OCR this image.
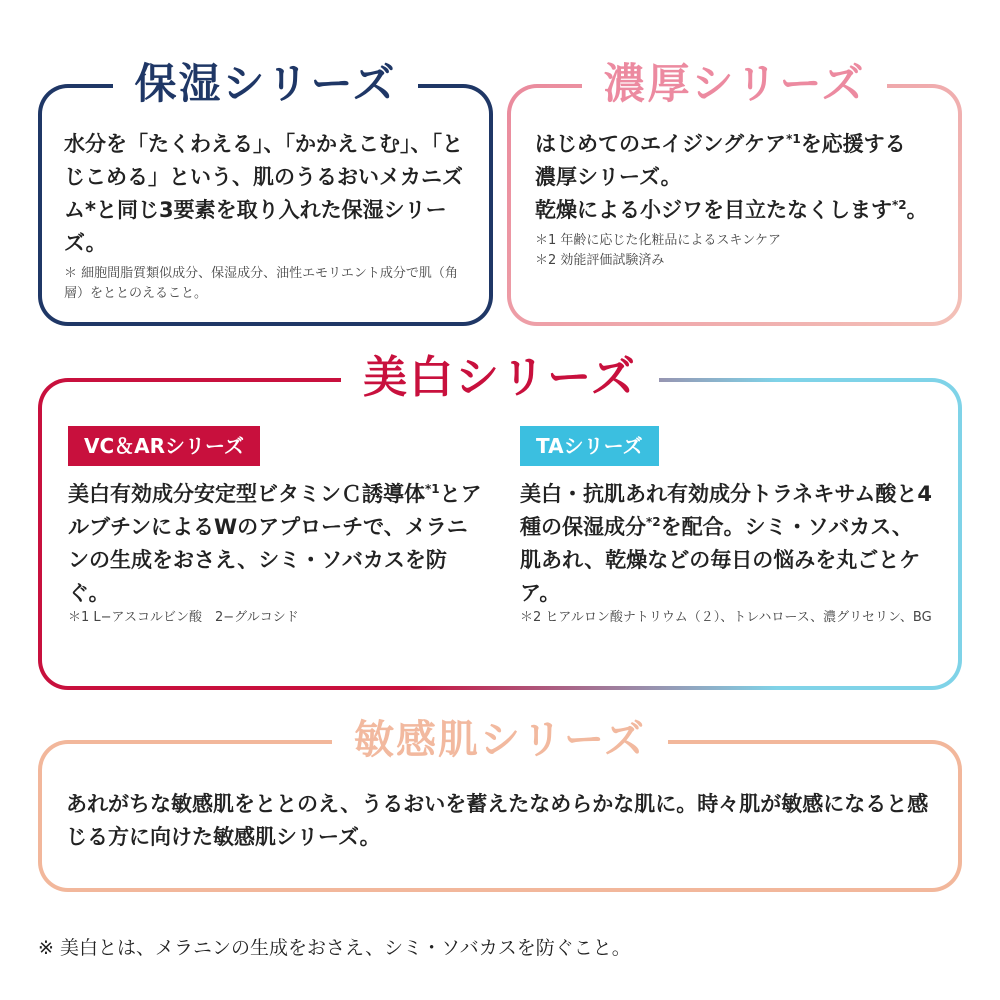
保湿シリーズ

水分を「たくわえる」、「かかえこむ」、「とじこめる」という、肌のうるおいメカニズム*と同じ3要素を取り入れた保湿シリーズ。

＊ 細胞間脂質類似成分、保湿成分、油性エモリエント成分で肌（角層）をととのえること。

濃厚シリーズ

はじめてのエイジングケア$^{*1}$を応援する
濃厚シリーズ。
乾燥による小ジワを目立たなくします$^{*2}$。

＊1 年齢に応じた化粧品によるスキンケア
＊2 効能評価試験済み

美白シリーズ
VC＆ARシリーズ

美白有効成分安定型ビタミンＣ誘導体$^{*1}$とアルブチンによるWのアプローチで、メラニンの生成をおさえ、シミ・ソバカスを防ぐ。

＊1 L−アスコルビン酸　2−グルコシド

TAシリーズ

美白・抗肌あれ有効成分トラネキサム酸と4種の保湿成分$^{*2}$を配合。シミ・ソバカス、肌あれ、乾燥などの毎日の悩みを丸ごとケア。

＊2 ヒアルロン酸ナトリウム（２）、トレハロース、濃グリセリン、BG

敏感肌シリーズ

あれがちな敏感肌をととのえ、うるおいを蓄えたなめらかな肌に。時々肌が敏感になると感じる方に向けた敏感肌シリーズ。

※ 美白とは、メラニンの生成をおさえ、シミ・ソバカスを防ぐこと。
